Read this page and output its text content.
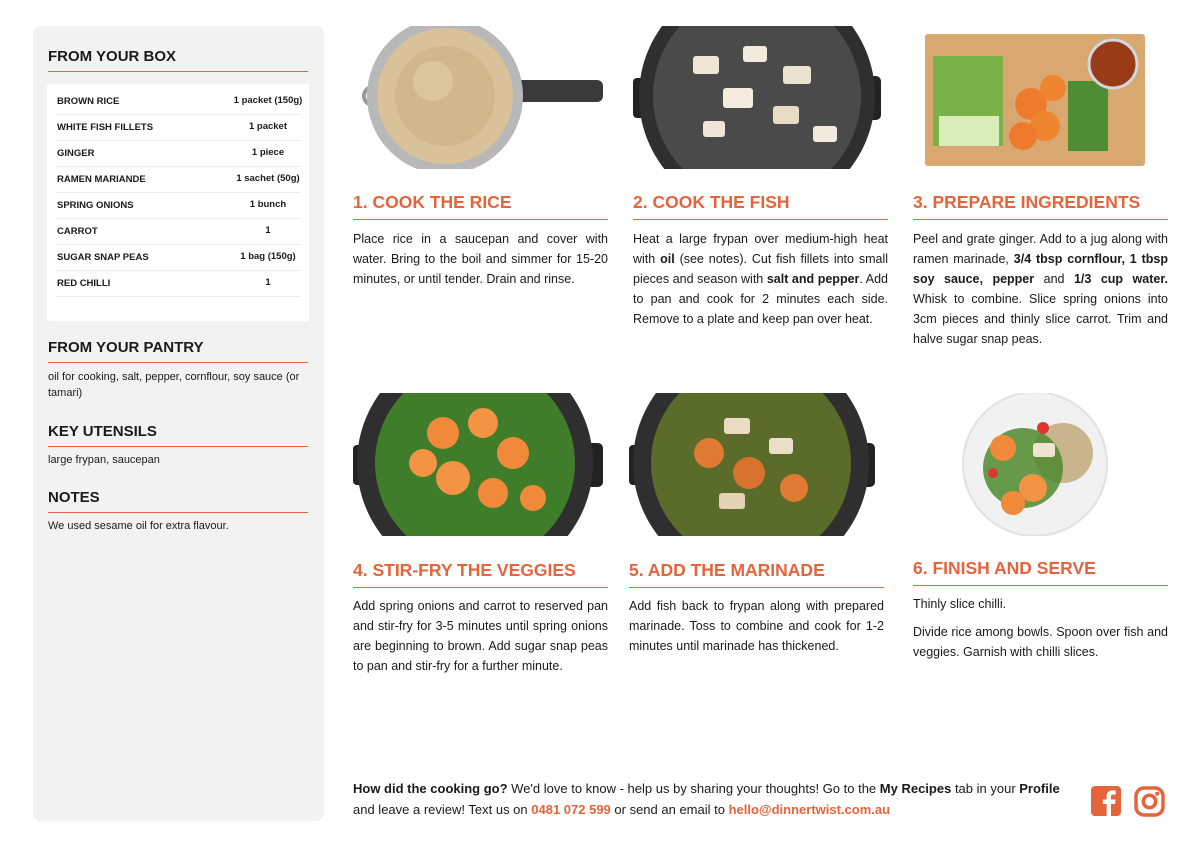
FROM YOUR BOX
BROWN RICE	1 packet (150g)
WHITE FISH FILLETS	1 packet
GINGER	1 piece
RAMEN MARIANDE	1 sachet (50g)
SPRING ONIONS	1 bunch
CARROT	1
SUGAR SNAP PEAS	1 bag (150g)
RED CHILLI	1
FROM YOUR PANTRY
oil for cooking, salt, pepper, cornflour, soy sauce (or tamari)
KEY UTENSILS
large frypan, saucepan
NOTES
We used sesame oil for extra flavour.
1. COOK THE RICE	2. COOK THE FISH	3. PREPARE INGREDIENTS
4. STIR-FRY THE VEGGIES	5. ADD THE MARINADE	6. FINISH AND SERVE

Place rice in a saucepan and cover with water. Bring to the boil and simmer for 15-20 minutes, or until tender. Drain and rinse.

Heat a large frypan over medium-high heat with oil (see notes). Cut fish fillets into small pieces and season with salt and pepper. Add to pan and cook for 2 minutes each side. Remove to a plate and keep pan over heat.

Peel and grate ginger. Add to a jug along with ramen marinade, 3/4 tbsp cornflour, 1 tbsp soy sauce, pepper and 1/3 cup water. Whisk to combine. Slice spring onions into 3cm pieces and thinly slice carrot. Trim and halve sugar snap peas.

Add spring onions and carrot to reserved pan and stir-fry for 3-5 minutes until spring onions are beginning to brown. Add sugar snap peas to pan and stir-fry for a further minute.

Add fish back to frypan along with prepared marinade. Toss to combine and cook for 1-2 minutes until marinade has thickened.

Thinly slice chilli.

Divide rice among bowls. Spoon over fish and veggies. Garnish with chilli slices.

How did the cooking go? We'd love to know - help us by sharing your thoughts! Go to the My Recipes tab in your Profile and leave a review! Text us on 0481 072 599 or send an email to hello@dinnertwist.com.au
